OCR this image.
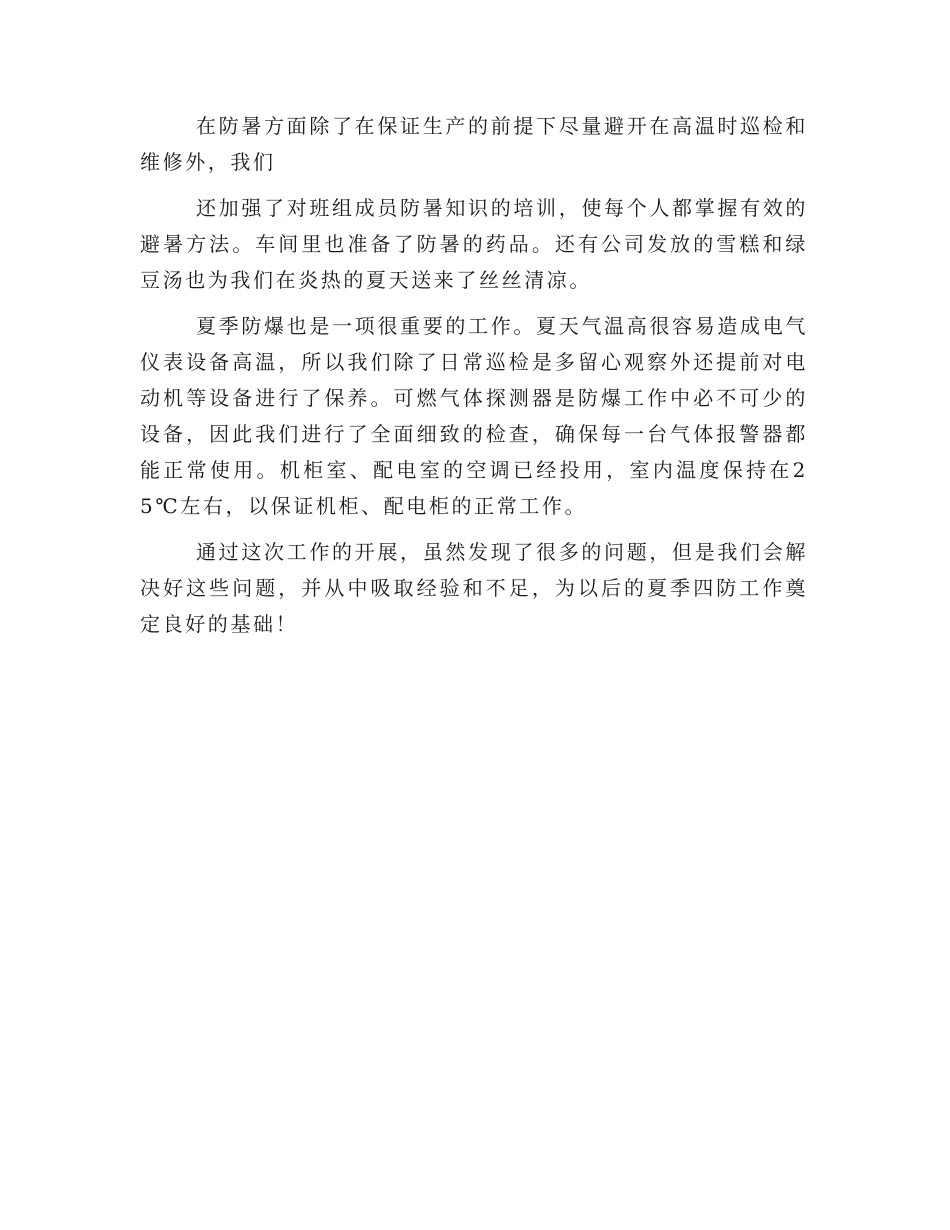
在防暑方面除了在保证生产的前提下尽量避开在高温时巡检和维修外，我们

还加强了对班组成员防暑知识的培训，使每个人都掌握有效的避暑方法。车间里也准备了防暑的药品。还有公司发放的雪糕和绿豆汤也为我们在炎热的夏天送来了丝丝清凉。

夏季防爆也是一项很重要的工作。夏天气温高很容易造成电气仪表设备高温，所以我们除了日常巡检是多留心观察外还提前对电动机等设备进行了保养。可燃气体探测器是防爆工作中必不可少的设备，因此我们进行了全面细致的检查，确保每一台气体报警器都能正常使用。机柜室、配电室的空调已经投用，室内温度保持在25℃左右，以保证机柜、配电柜的正常工作。

通过这次工作的开展，虽然发现了很多的问题，但是我们会解决好这些问题，并从中吸取经验和不足，为以后的夏季四防工作奠定良好的基础！
